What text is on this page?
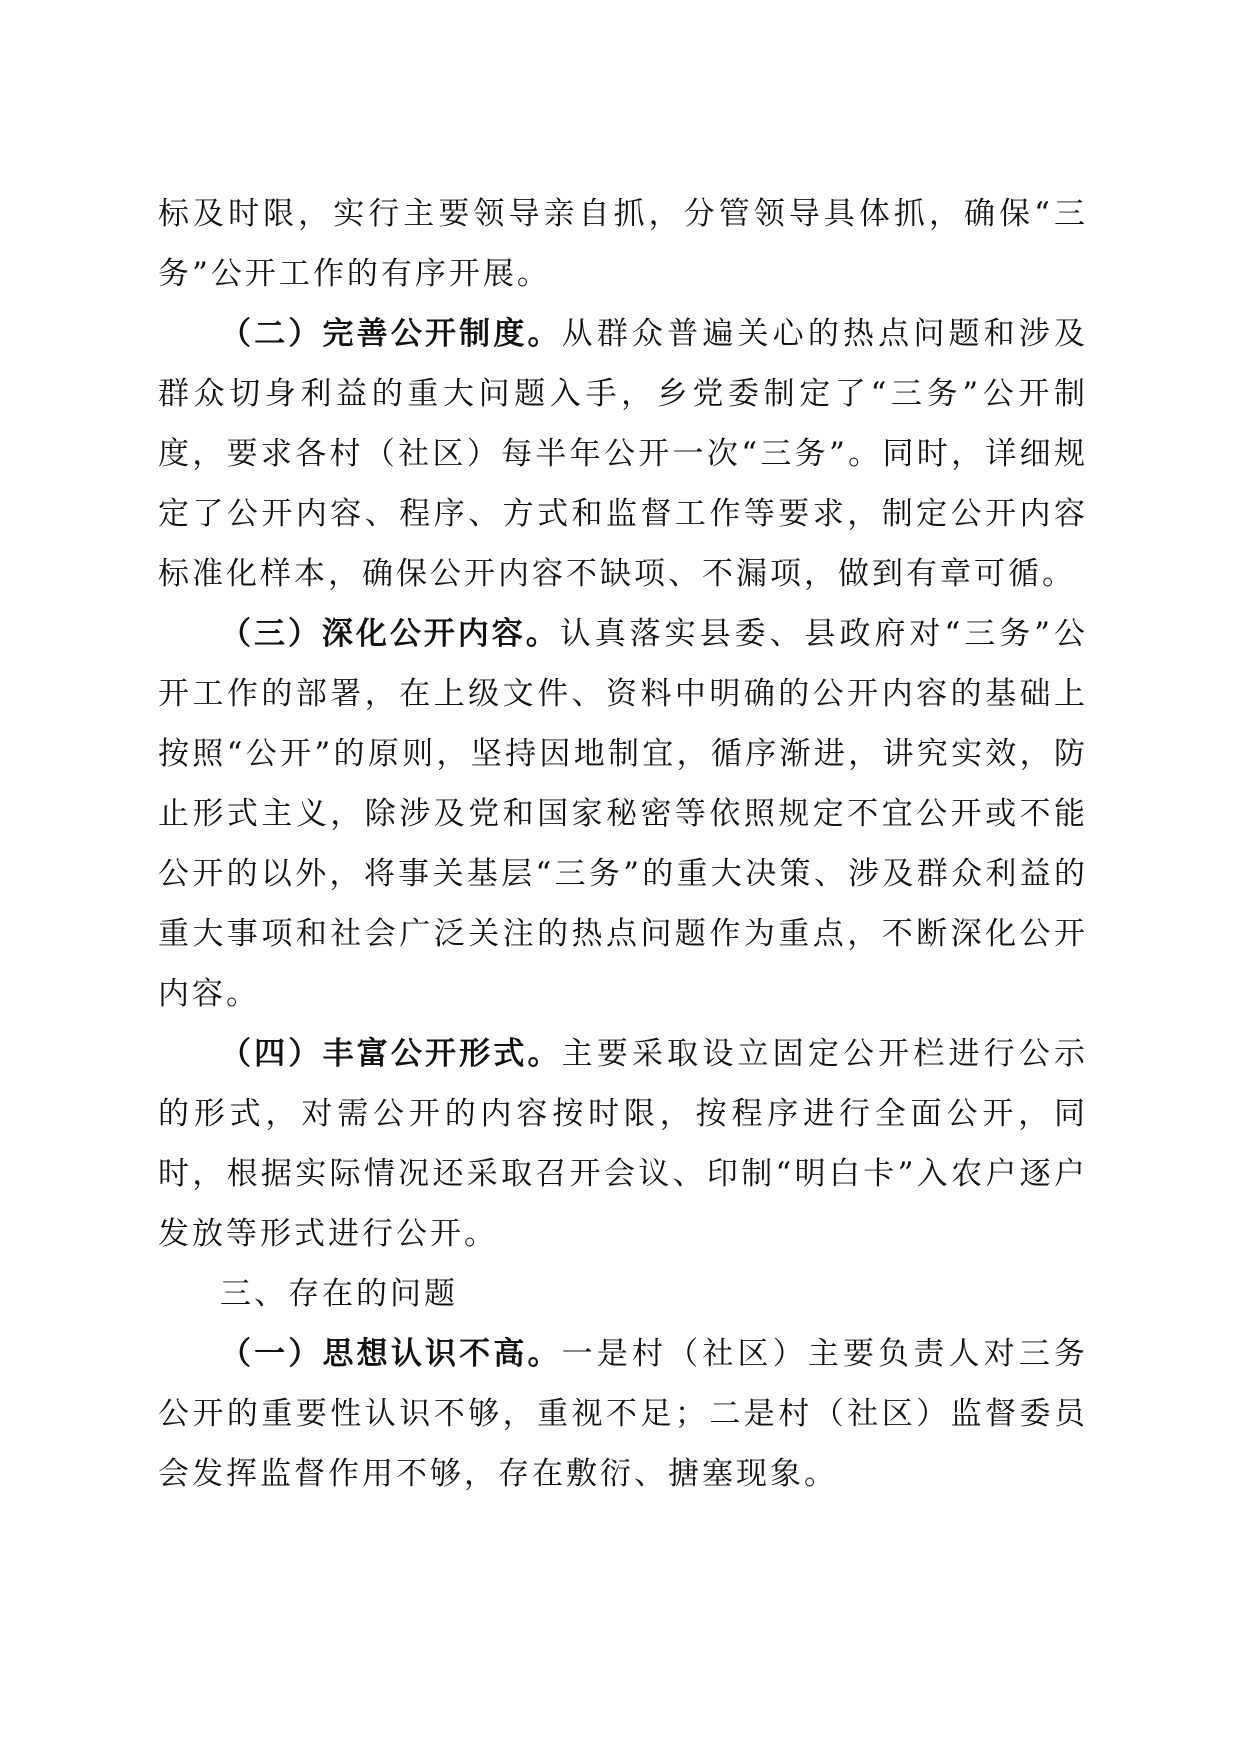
标及时限，实行主要领导亲自抓，分管领导具体抓，确保“三务”公开工作的有序开展。

（二）完善公开制度。从群众普遍关心的热点问题和涉及群众切身利益的重大问题入手，乡党委制定了“三务”公开制度，要求各村（社区）每半年公开一次“三务”。同时，详细规定了公开内容、程序、方式和监督工作等要求，制定公开内容标准化样本，确保公开内容不缺项、不漏项，做到有章可循。

（三）深化公开内容。认真落实县委、县政府对“三务”公开工作的部署，在上级文件、资料中明确的公开内容的基础上按照“公开”的原则，坚持因地制宜，循序渐进，讲究实效，防止形式主义，除涉及党和国家秘密等依照规定不宜公开或不能公开的以外，将事关基层“三务”的重大决策、涉及群众利益的重大事项和社会广泛关注的热点问题作为重点，不断深化公开内容。

（四）丰富公开形式。主要采取设立固定公开栏进行公示的形式，对需公开的内容按时限，按程序进行全面公开，同时，根据实际情况还采取召开会议、印制“明白卡”入农户逐户发放等形式进行公开。

三、存在的问题

（一）思想认识不高。一是村（社区）主要负责人对三务公开的重要性认识不够，重视不足；二是村（社区）监督委员会发挥监督作用不够，存在敷衍、搪塞现象。
